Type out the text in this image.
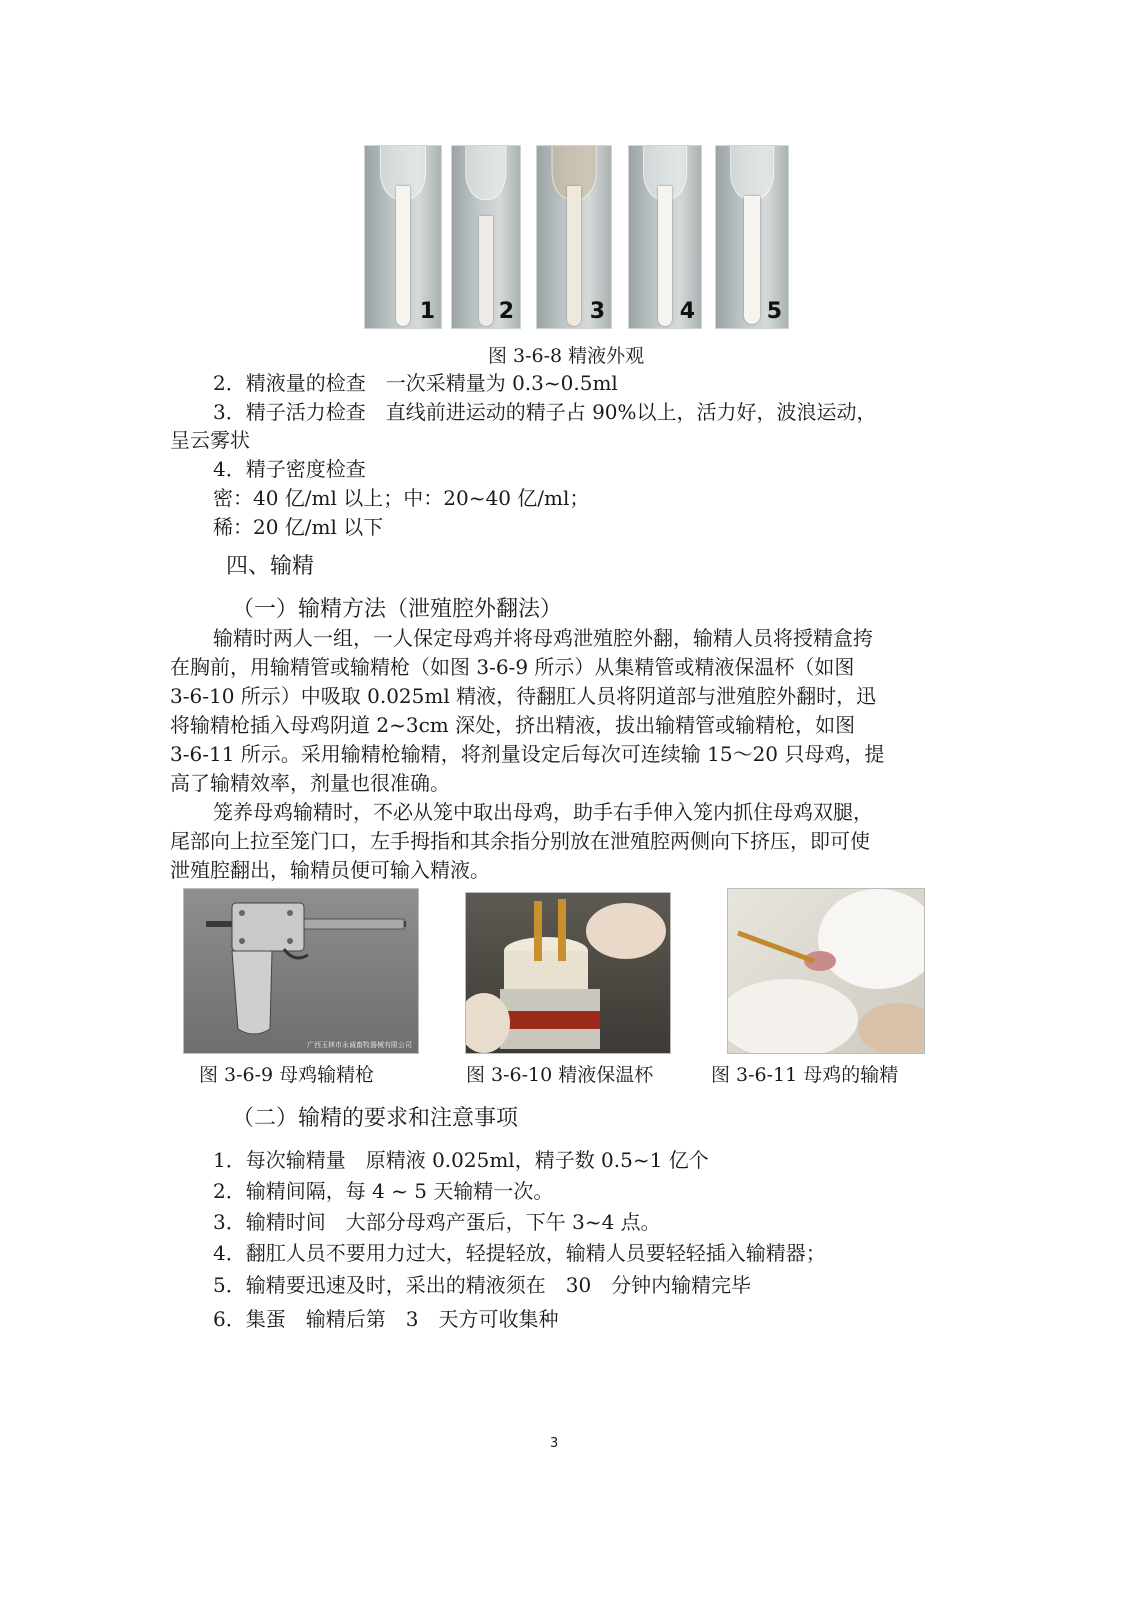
1	2	3	4	5
图 3-6-8 精液外观
2．精液量的检查　一次采精量为 0.3~0.5ml
3．精子活力检查　直线前进运动的精子占 90%以上，活力好，波浪运动，
呈云雾状
4．精子密度检查
密：40 亿/ml 以上；中：20~40 亿/ml；
稀：20 亿/ml 以下
四、输精
（一）输精方法（泄殖腔外翻法）
输精时两人一组，一人保定母鸡并将母鸡泄殖腔外翻，输精人员将授精盒挎
在胸前，用输精管或输精枪（如图 3-6-9 所示）从集精管或精液保温杯（如图
3-6-10 所示）中吸取 0.025ml 精液，待翻肛人员将阴道部与泄殖腔外翻时，迅
将输精枪插入母鸡阴道 2~3cm 深处，挤出精液，拔出输精管或输精枪，如图
3-6-11 所示。采用输精枪输精，将剂量设定后每次可连续输 15～20 只母鸡，提
高了输精效率，剂量也很准确。
笼养母鸡输精时，不必从笼中取出母鸡，助手右手伸入笼内抓住母鸡双腿，
尾部向上拉至笼门口，左手拇指和其余指分别放在泄殖腔两侧向下挤压，即可使
泄殖腔翻出，输精员便可输入精液。
广西玉林市永诚畜牧器械有限公司
图 3-6-9 母鸡输精枪	图 3-6-10 精液保温杯	图 3-6-11 母鸡的输精
（二）输精的要求和注意事项
1．每次输精量　原精液 0.025ml，精子数 0.5~1 亿个
2．输精间隔，每 4 ~ 5 天输精一次。
3．输精时间　大部分母鸡产蛋后，下午 3~4 点。
4．翻肛人员不要用力过大，轻提轻放，输精人员要轻轻插入输精器；
5．输精要迅速及时，采出的精液须在　30　分钟内输精完毕
6．集蛋　输精后第　3　天方可收集种
3
